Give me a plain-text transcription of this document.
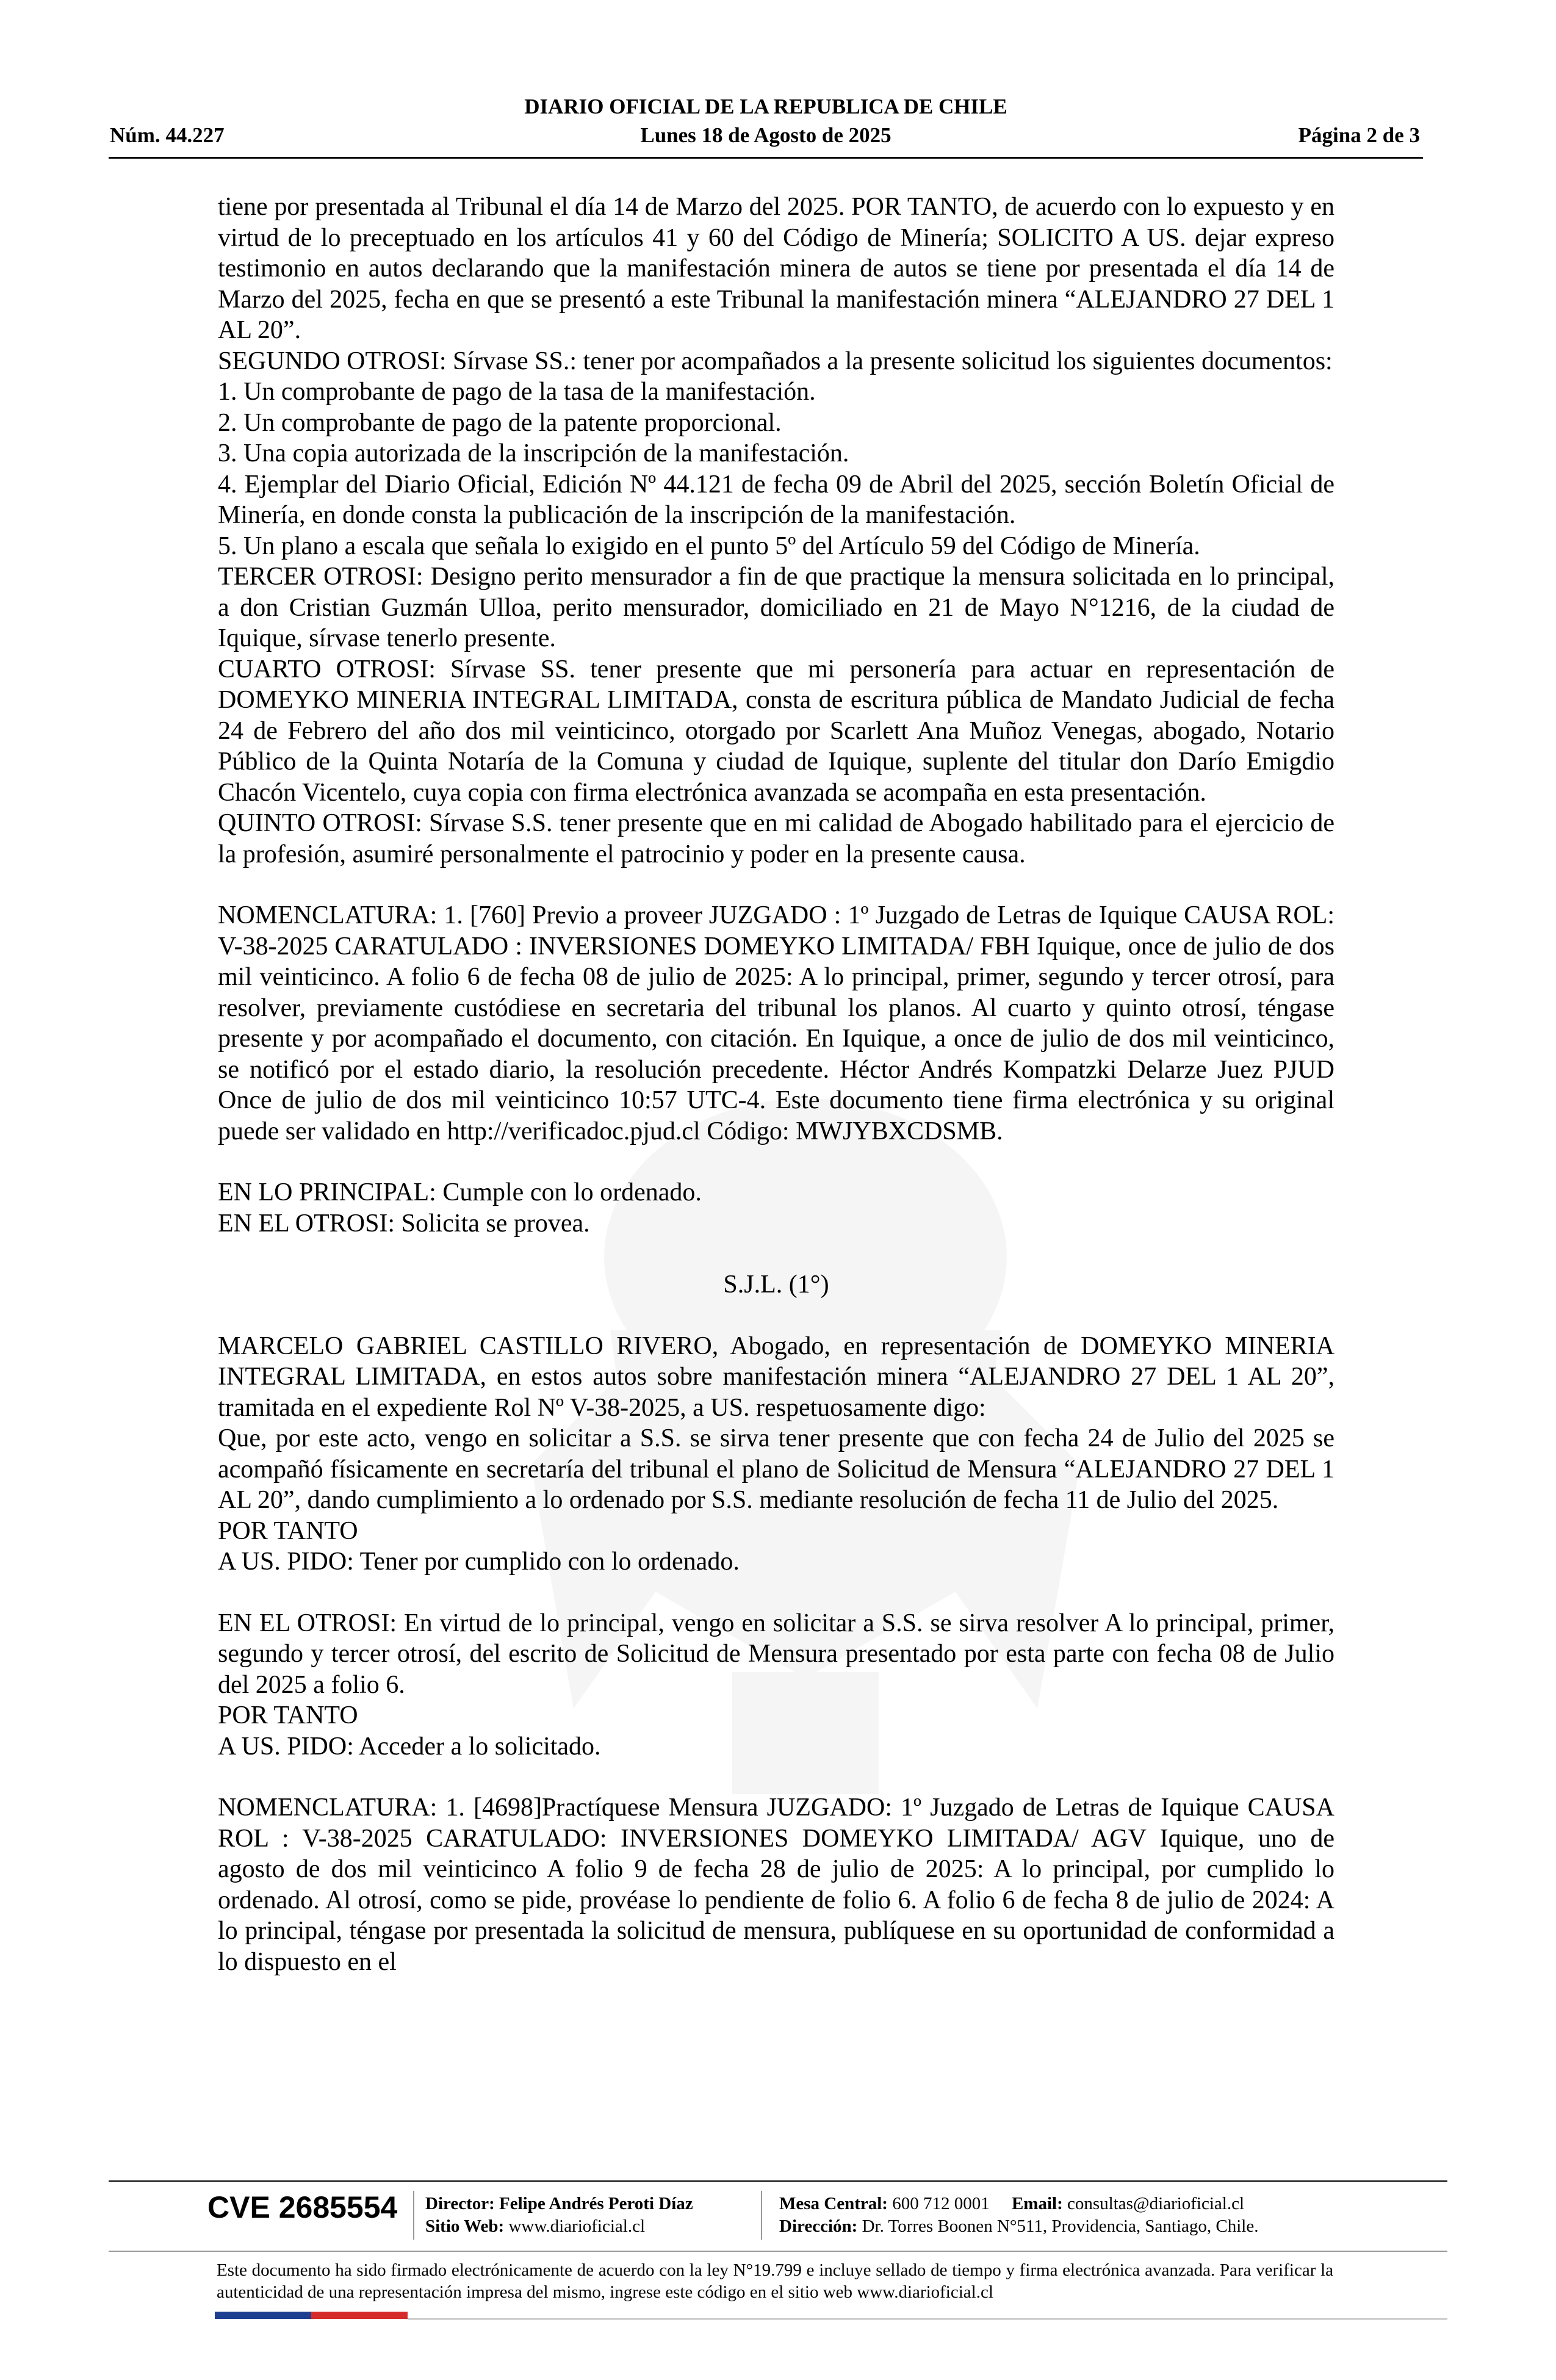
DIARIO OFICIAL DE LA REPUBLICA DE CHILE
Núm. 44.227	Lunes 18 de Agosto de 2025	Página 2 de 3

tiene por presentada al Tribunal el día 14 de Marzo del 2025. POR TANTO, de acuerdo con lo expuesto y en virtud de lo preceptuado en los artículos 41 y 60 del Código de Minería; SOLICITO A US. dejar expreso testimonio en autos declarando que la manifestación minera de autos se tiene por presentada el día 14 de Marzo del 2025, fecha en que se presentó a este Tribunal la manifestación minera “ALEJANDRO 27 DEL 1 AL 20”.

SEGUNDO OTROSI: Sírvase SS.: tener por acompañados a la presente solicitud los siguientes documentos:

1. Un comprobante de pago de la tasa de la manifestación.

2. Un comprobante de pago de la patente proporcional.

3. Una copia autorizada de la inscripción de la manifestación.

4. Ejemplar del Diario Oficial, Edición Nº 44.121 de fecha 09 de Abril del 2025, sección Boletín Oficial de Minería, en donde consta la publicación de la inscripción de la manifestación.

5. Un plano a escala que señala lo exigido en el punto 5º del Artículo 59 del Código de Minería.

TERCER OTROSI: Designo perito mensurador a fin de que practique la mensura solicitada en lo principal, a don Cristian Guzmán Ulloa, perito mensurador, domiciliado en 21 de Mayo N°1216, de la ciudad de Iquique, sírvase tenerlo presente.

CUARTO OTROSI: Sírvase SS. tener presente que mi personería para actuar en representación de DOMEYKO MINERIA INTEGRAL LIMITADA, consta de escritura pública de Mandato Judicial de fecha 24 de Febrero del año dos mil veinticinco, otorgado por Scarlett Ana Muñoz Venegas, abogado, Notario Público de la Quinta Notaría de la Comuna y ciudad de Iquique, suplente del titular don Darío Emigdio Chacón Vicentelo, cuya copia con firma electrónica avanzada se acompaña en esta presentación.

QUINTO OTROSI: Sírvase S.S. tener presente que en mi calidad de Abogado habilitado para el ejercicio de la profesión, asumiré personalmente el patrocinio y poder en la presente causa.

NOMENCLATURA: 1. [760] Previo a proveer JUZGADO : 1º Juzgado de Letras de Iquique CAUSA ROL: V-38-2025 CARATULADO : INVERSIONES DOMEYKO LIMITADA/ FBH Iquique, once de julio de dos mil veinticinco. A folio 6 de fecha 08 de julio de 2025: A lo principal, primer, segundo y tercer otrosí, para resolver, previamente custódiese en secretaria del tribunal los planos. Al cuarto y quinto otrosí, téngase presente y por acompañado el documento, con citación. En Iquique, a once de julio de dos mil veinticinco, se notificó por el estado diario, la resolución precedente. Héctor Andrés Kompatzki Delarze Juez PJUD Once de julio de dos mil veinticinco 10:57 UTC-4. Este documento tiene firma electrónica y su original puede ser validado en http://verificadoc.pjud.cl Código: MWJYBXCDSMB.

EN LO PRINCIPAL: Cumple con lo ordenado.

EN EL OTROSI: Solicita se provea.

S.J.L. (1°)

MARCELO GABRIEL CASTILLO RIVERO, Abogado, en representación de DOMEYKO MINERIA INTEGRAL LIMITADA, en estos autos sobre manifestación minera “ALEJANDRO 27 DEL 1 AL 20”, tramitada en el expediente Rol Nº V-38-2025, a US. respetuosamente digo:

Que, por este acto, vengo en solicitar a S.S. se sirva tener presente que con fecha 24 de Julio del 2025 se acompañó físicamente en secretaría del tribunal el plano de Solicitud de Mensura “ALEJANDRO 27 DEL 1 AL 20”, dando cumplimiento a lo ordenado por S.S. mediante resolución de fecha 11 de Julio del 2025.

POR TANTO

A US. PIDO: Tener por cumplido con lo ordenado.

EN EL OTROSI: En virtud de lo principal, vengo en solicitar a S.S. se sirva resolver A lo principal, primer, segundo y tercer otrosí, del escrito de Solicitud de Mensura presentado por esta parte con fecha 08 de Julio del 2025 a folio 6.

POR TANTO

A US. PIDO: Acceder a lo solicitado.

NOMENCLATURA: 1. [4698]Practíquese Mensura JUZGADO: 1º Juzgado de Letras de Iquique CAUSA ROL : V-38-2025 CARATULADO: INVERSIONES DOMEYKO LIMITADA/ AGV Iquique, uno de agosto de dos mil veinticinco A folio 9 de fecha 28 de julio de 2025: A lo principal, por cumplido lo ordenado. Al otrosí, como se pide, provéase lo pendiente de folio 6. A folio 6 de fecha 8 de julio de 2024: A lo principal, téngase por presentada la solicitud de mensura, publíquese en su oportunidad de conformidad a lo dispuesto en el

CVE 2685554 Director: Felipe Andrés Peroti Díaz
Sitio Web: www.diarioficial.cl
Mesa Central: 600 712 0001 Email: consultas@diarioficial.cl
Dirección: Dr. Torres Boonen N°511, Providencia, Santiago, Chile.
Este documento ha sido firmado electrónicamente de acuerdo con la ley N°19.799 e incluye sellado de tiempo y firma electrónica avanzada. Para verificar la autenticidad de una representación impresa del mismo, ingrese este código en el sitio web www.diarioficial.cl
